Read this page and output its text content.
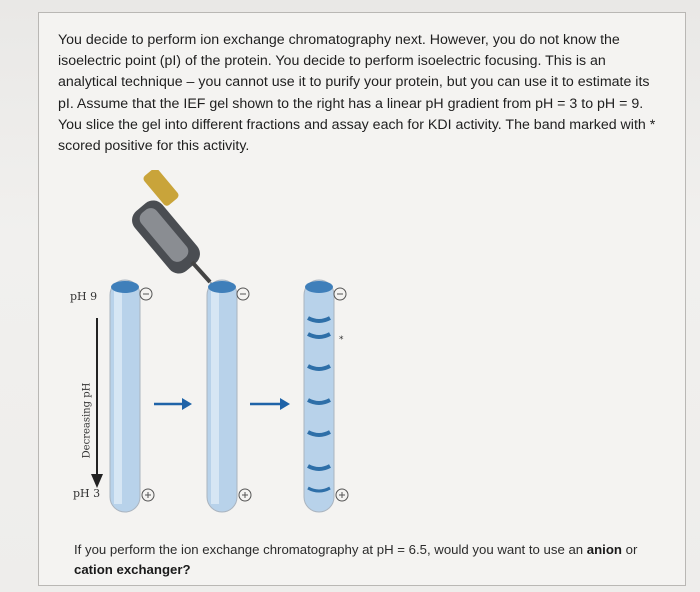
You decide to perform ion exchange chromatography next. However, you do not know the isoelectric point (pI) of the protein. You decide to perform isoelectric focusing. This is an analytical technique – you cannot use it to purify your protein, but you can use it to estimate its pI. Assume that the IEF gel shown to the right has a linear pH gradient from pH = 3 to pH = 9. You slice the gel into different fractions and assay each for KDI activity. The band marked with * scored positive for this activity.

*
pH 9
pH 3
Decreasing pH

If you perform the ion exchange chromatography at pH = 6.5, would you want to use an anion or cation exchanger?
